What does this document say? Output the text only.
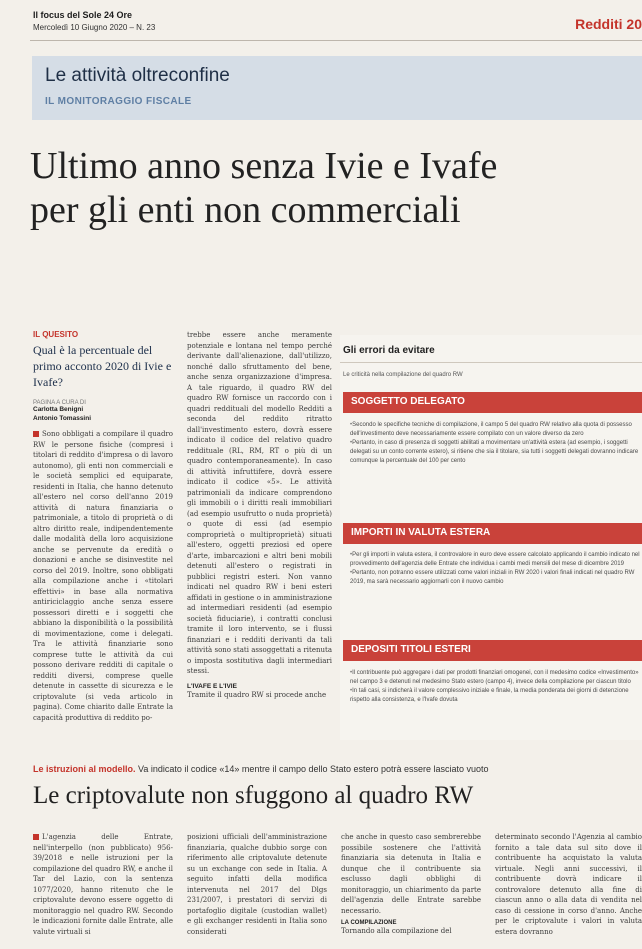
Il focus del Sole 24 Ore
Mercoledì 10 Giugno 2020 – N. 23	Redditi 20
Le attività oltreconfine
IL MONITORAGGIO FISCALE
Ultimo anno senza Ivie e Ivafe
per gli enti non commerciali
IL QUESITO
Qual è la percentuale del primo acconto 2020 di Ivie e Ivafe?
PAGINA A CURA DI
Carlotta Benigni
Antonio Tomassini
Sono obbligati a compilare il quadro RW le persone fisiche (compresi i titolari di reddito d'impresa o di lavoro autonomo), gli enti non commerciali e le società semplici ed equiparate, residenti in Italia, che hanno detenuto all'estero nel corso dell'anno 2019 attività di natura finanziaria o patrimoniale, a titolo di proprietà o di altro diritto reale, indipendentemente dalle modalità della loro acquisizione anche se pervenute da eredità o donazioni e anche se disinvestite nel corso del 2019. Inoltre, sono obbligati alla compilazione anche i «titolari effettivi» in base alla normativa antiriciclaggio anche senza essere possessori diretti e i soggetti che abbiano la disponibilità o la possibilità di movimentazione, come i delegati. Tra le attività finanziarie sono comprese tutte le attività da cui possono derivare redditi di capitale o redditi diversi, comprese quelle detenute in cassette di sicurezza e le criptovalute (si veda articolo in pagina). Come chiarito dalle Entrate la capacità produttiva di reddito po-
trebbe essere anche meramente potenziale e lontana nel tempo perché derivante dall'alienazione, dall'utilizzo, nonché dallo sfruttamento del bene, anche senza organizzazione d'impresa. A tale riguardo, il quadro RW del quadro RW fornisce un raccordo con i quadri reddituali del modello Redditi a seconda del reddito ritratto dall'investimento estero, dovrà essere indicato il codice del relativo quadro reddituale (RL, RM, RT o più di un quadro contemporaneamente). In caso di attività infruttifere, dovrà essere indicato il codice «5». Le attività patrimoniali da indicare comprendono gli immobili o i diritti reali immobiliari (ad esempio usufrutto o nuda proprietà) o quote di essi (ad esempio comproprietà o multiproprietà) situati all'estero, oggetti preziosi ed opere d'arte, imbarcazioni e altri beni mobili detenuti all'estero o registrati in pubblici registri esteri. Non vanno indicati nel quadro RW i beni esteri affidati in gestione o in amministrazione ad intermediari residenti (ad esempio società fiduciarie), i contratti conclusi tramite il loro intervento, se i flussi finanziari e i redditi derivanti da tali attività sono stati assoggettati a ritenuta o imposta sostitutiva dagli intermediari stessi.
L'IVAFE E L'IVIE
Tramite il quadro RW si procede anche
Gli errori da evitare
Le criticità nella compilazione del quadro RW
SOGGETTO DELEGATO
• Secondo le specifiche tecniche di compilazione, il campo 5 del quadro RW relativo alla quota di possesso dell'investimento deve necessariamente essere compilato con un valore diverso da zero
• Pertanto, in caso di presenza di soggetti abilitati a movimentare un'attività estera (ad esempio, i soggetti delegati su un conto corrente estero), si ritiene che sia il titolare, sia tutti i soggetti delegati dovranno indicare comunque la percentuale del 100 per cento
IMPORTI IN VALUTA ESTERA
• Per gli importi in valuta estera, il controvalore in euro deve essere calcolato applicando il cambio indicato nel provvedimento dell'agenzia delle Entrate che individua i cambi medi mensili del mese di dicembre 2019
• Pertanto, non potranno essere utilizzati come valori iniziali in RW 2020 i valori finali indicati nel quadro RW 2019, ma sarà necessario aggiornarli con il nuovo cambio
DEPOSITI TITOLI ESTERI
• Il contribuente può aggregare i dati per prodotti finanziari omogenei, con il medesimo codice «Investimento» nel campo 3 e detenuti nel medesimo Stato estero (campo 4), invece della compilazione per ciascun titolo
• In tali casi, si indicherà il valore complessivo iniziale e finale, la media ponderata dei giorni di detenzione rispetto alla consistenza, e l'Ivafe dovuta
Le istruzioni al modello. Va indicato il codice «14» mentre il campo dello Stato estero potrà essere lasciato vuoto
Le criptovalute non sfuggono al quadro RW
L'agenzia delle Entrate, nell'interpello (non pubblicato) 956-39/2018 e nelle istruzioni per la compilazione del quadro RW, e anche il Tar del Lazio, con la sentenza 1077/2020, hanno ritenuto che le criptovalute devono essere oggetto di monitoraggio nel quadro RW. Secondo le indicazioni fornite dalle Entrate, alle valute virtuali si
posizioni ufficiali dell'amministrazione finanziaria, qualche dubbio sorge con riferimento alle criptovalute detenute su un exchange con sede in Italia. A seguito infatti della modifica intervenuta nel 2017 del Dlgs 231/2007, i prestatori di servizi di portafoglio digitale (custodian wallet) e gli exchanger residenti in Italia sono considerati
che anche in questo caso sembrerebbe possibile sostenere che l'attività finanziaria sia detenuta in Italia e dunque che il contribuente sia esclusso dagli obblighi di monitoraggio, un chiarimento da parte dell'agenzia delle Entrate sarebbe necessario.
LA COMPILAZIONE
Tornando alla compilazione del
determinato secondo l'Agenzia al cambio fornito a tale data sul sito dove il contribuente ha acquistato la valuta virtuale. Negli anni successivi, il contribuente dovrà indicare il controvalore detenuto alla fine di ciascun anno o alla data di vendita nel caso di cessione in corso d'anno. Anche per le criptovalute i valori in valuta estera dovranno
